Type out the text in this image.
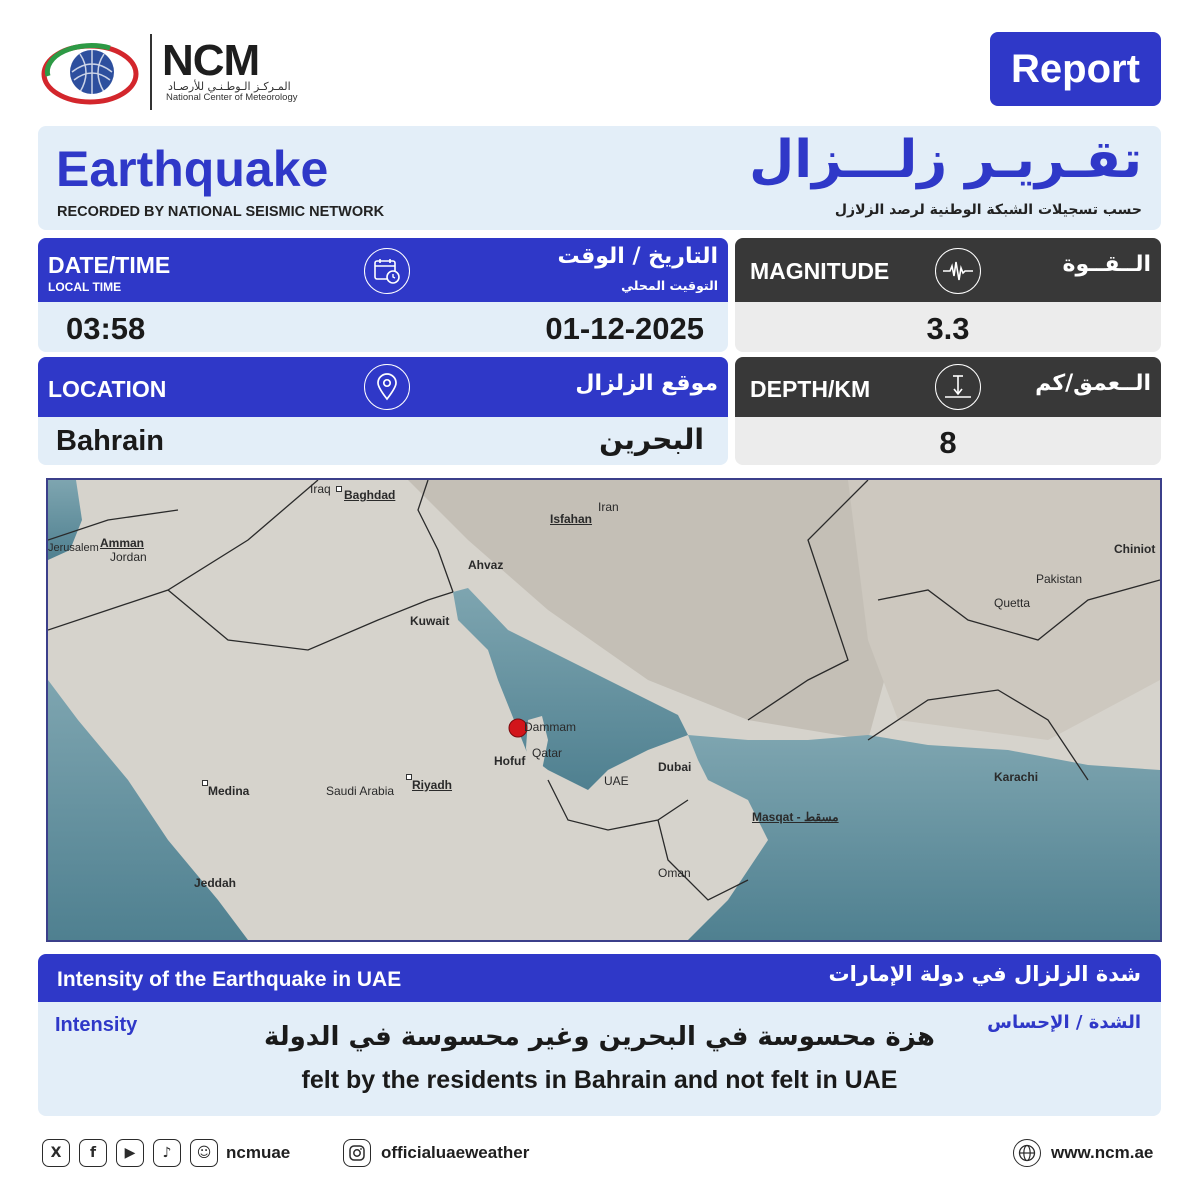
NCM
المـركـز الـوطـنـي للأرصـاد
National Center of Meteorology
Report
Earthquake
RECORDED BY NATIONAL SEISMIC NETWORK
تقـريـر زلـــزال
حسب تسجيلات الشبكة الوطنية لرصد الزلازل
DATE/TIME
LOCAL TIME
التاريخ / الوقت
التوقيت المحلي
03:58	01-12-2025
MAGNITUDE	الــقــوة
3.3
LOCATION	موقع الزلزال
Bahrain	البحرين
DEPTH/KM	الــعمق/كم
8
Iraq Baghdad
Isfahan
Iran
Amman
Jordan
Jerusalem
Ahvaz
Kuwait
Chiniot
Pakistan
Quetta
Dammam
Qatar
Hofuf
UAE
Dubai
Karachi
Medina	Saudi Arabia Riyadh
Masqat - مسقط
Oman
Jeddah
Intensity of the Earthquake in UAE	شدة الزلزال في دولة الإمارات
Intensity	الشدة / الإحساس
هزة محسوسة في البحرين وغير محسوسة في الدولة
felt by the residents in Bahrain and not felt in UAE
X	f	▶	♪	☺ ncmuae	officialuaeweather	www.ncm.ae
